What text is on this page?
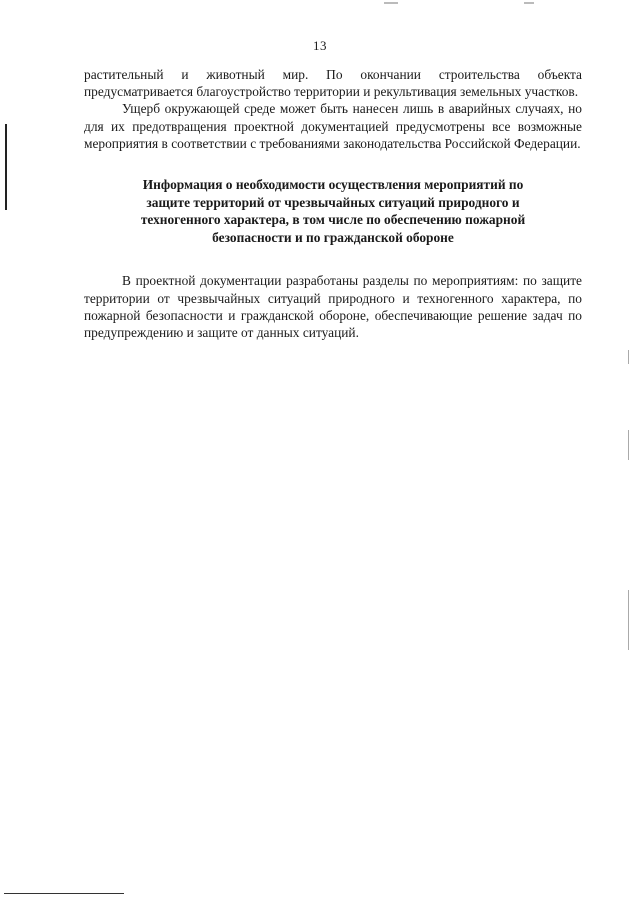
13

растительный и животный мир. По окончании строительства объекта предусматривается благоустройство территории и рекультивация земельных участков.

Ущерб окружающей среде может быть нанесен лишь в аварийных случаях, но для их предотвращения проектной документацией предусмотрены все возможные мероприятия в соответствии с требованиями законодательства Российской Федерации.

Информация о необходимости осуществления мероприятий по
защите территорий от чрезвычайных ситуаций природного и
техногенного характера, в том числе по обеспечению пожарной
безопасности и по гражданской обороне

В проектной документации разработаны разделы по мероприятиям: по защите территории от чрезвычайных ситуаций природного и техногенного характера, по пожарной безопасности и гражданской обороне, обеспечивающие решение задач по предупреждению и защите от данных ситуаций.
